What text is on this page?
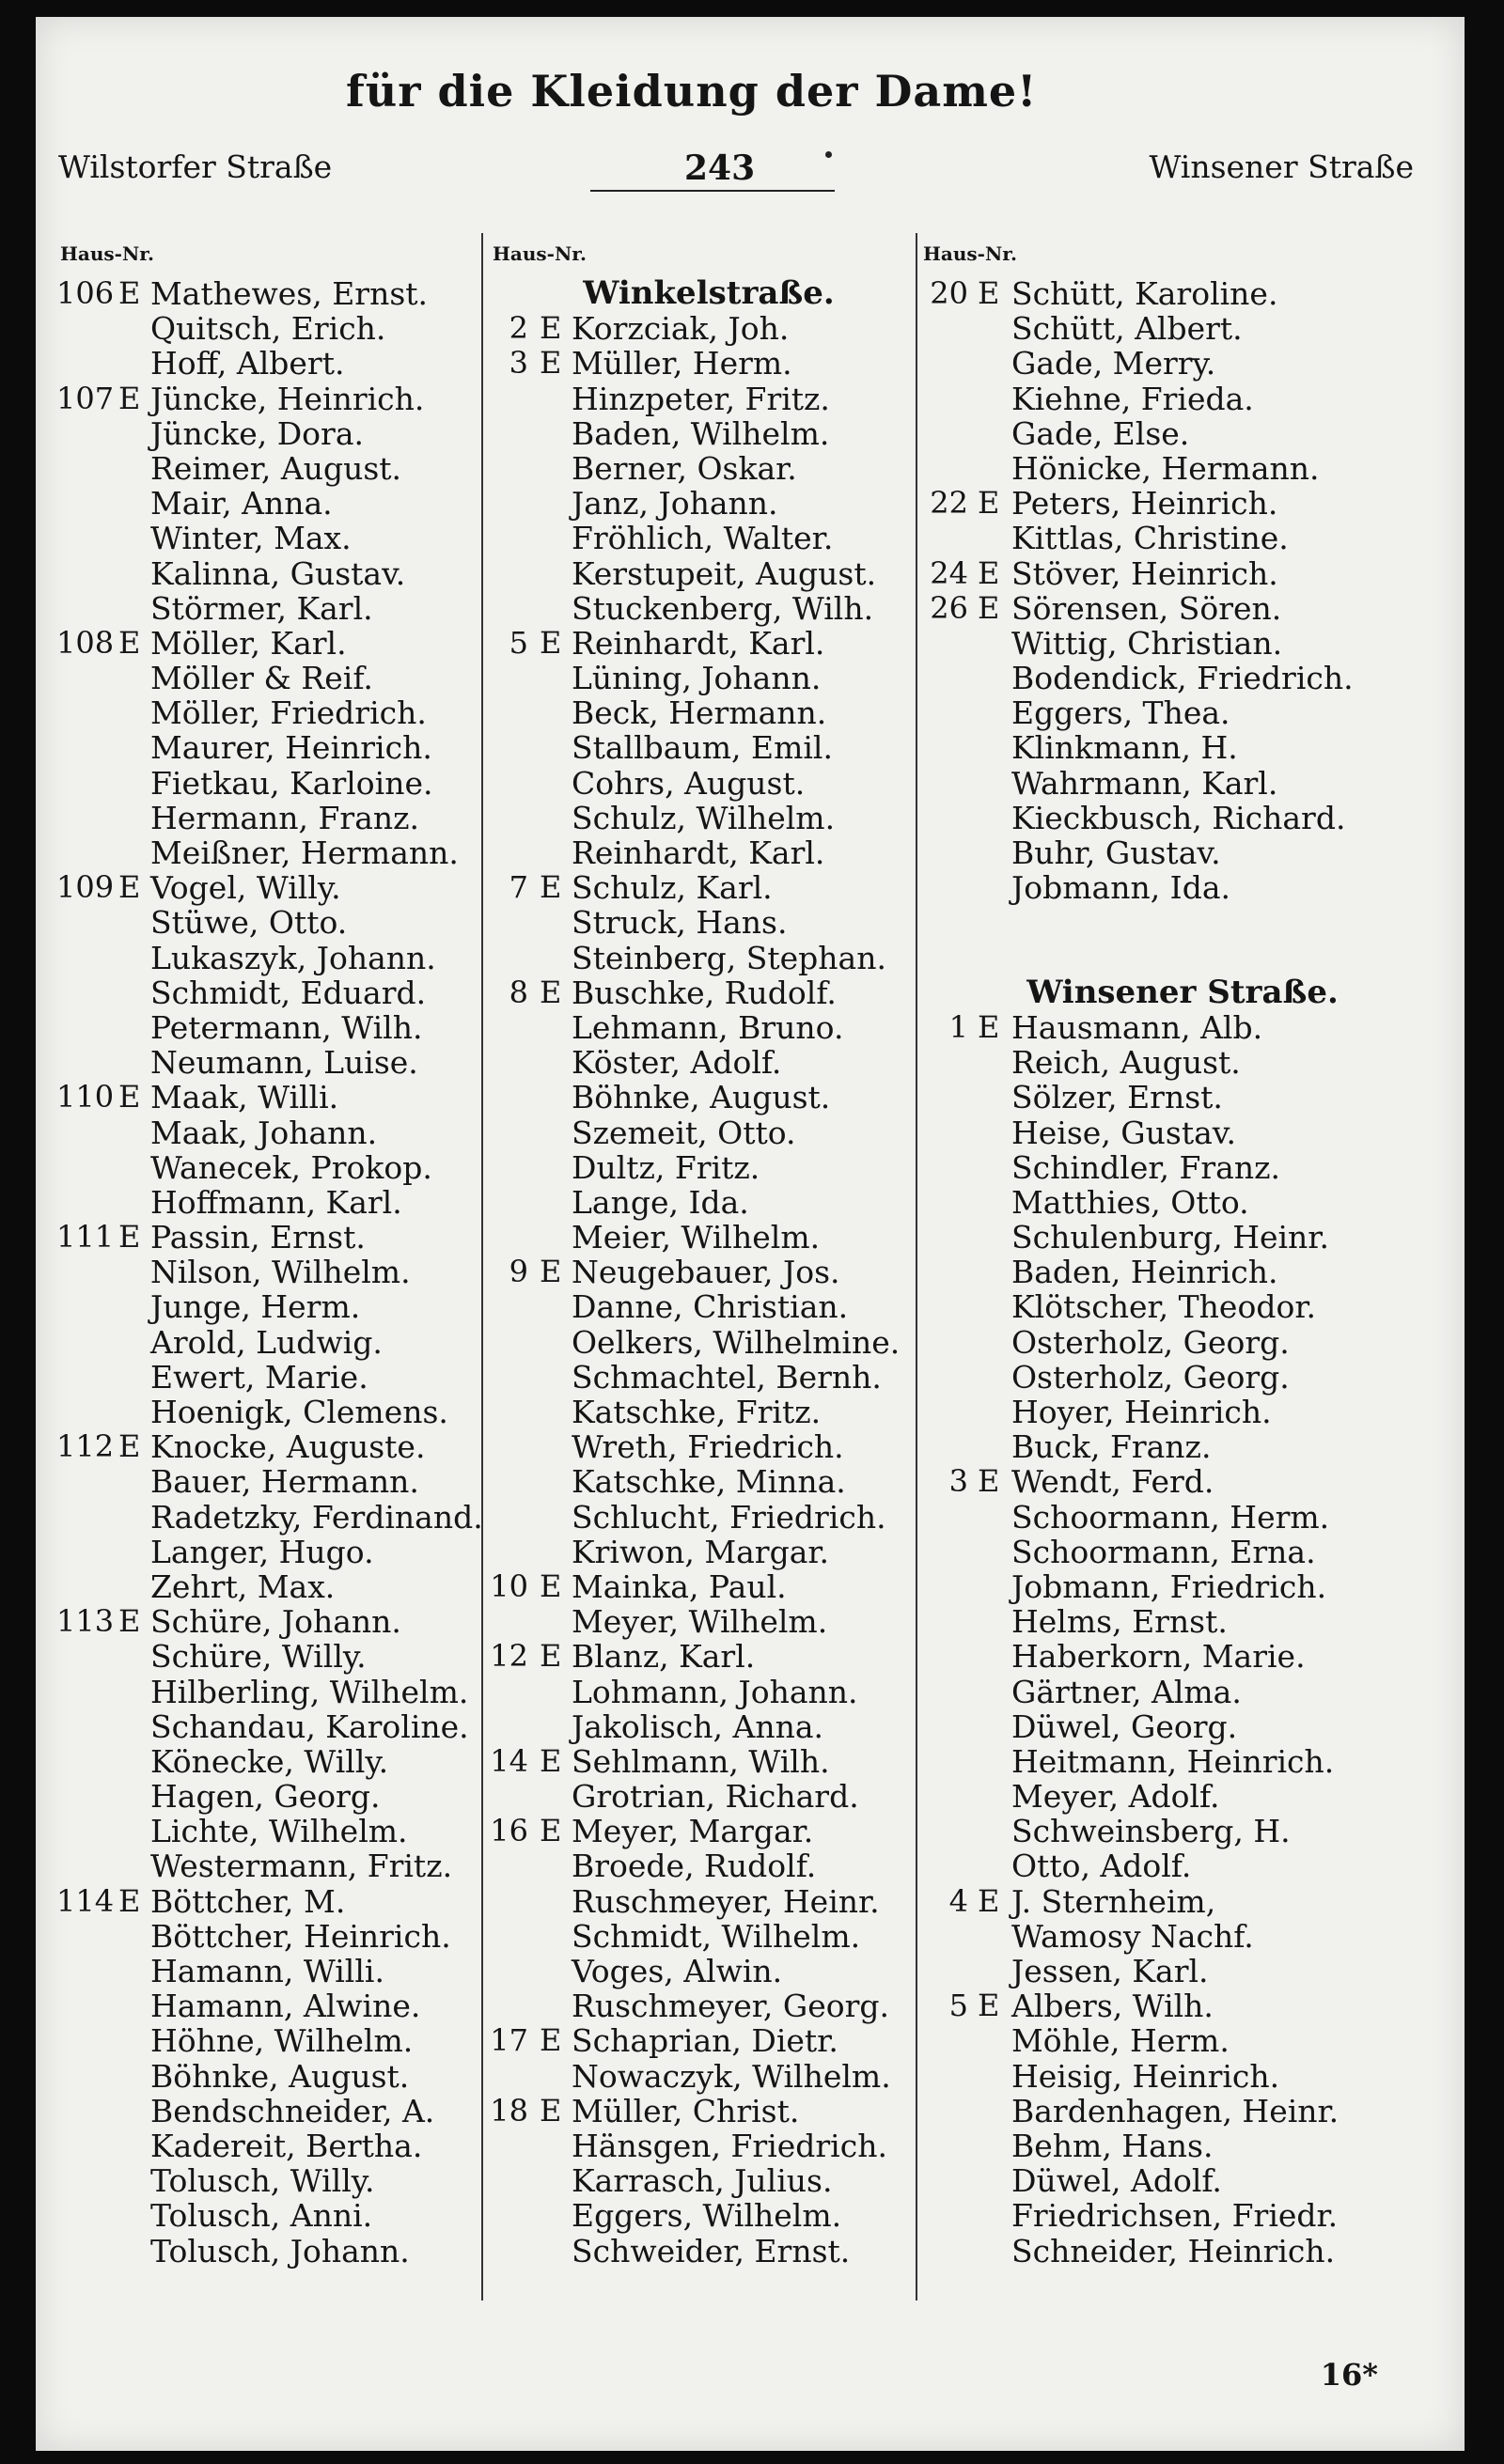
für die Kleidung der Dame!
Wilstorfer Straße	243	Winsener Straße
Haus-Nr.
106 E Mathewes, Ernst.
Quitsch, Erich.
Hoff, Albert.
107 E Jüncke, Heinrich.
Jüncke, Dora.
Reimer, August.
Mair, Anna.
Winter, Max.
Kalinna, Gustav.
Störmer, Karl.
108 E Möller, Karl.
Möller & Reif.
Möller, Friedrich.
Maurer, Heinrich.
Fietkau, Karloine.
Hermann, Franz.
Meißner, Hermann.
109 E Vogel, Willy.
Stüwe, Otto.
Lukaszyk, Johann.
Schmidt, Eduard.
Petermann, Wilh.
Neumann, Luise.
110 E Maak, Willi.
Maak, Johann.
Wanecek, Prokop.
Hoffmann, Karl.
111 E Passin, Ernst.
Nilson, Wilhelm.
Junge, Herm.
Arold, Ludwig.
Ewert, Marie.
Hoenigk, Clemens.
112 E Knocke, Auguste.
Bauer, Hermann.
Radetzky, Ferdinand.
Langer, Hugo.
Zehrt, Max.
113 E Schüre, Johann.
Schüre, Willy.
Hilberling, Wilhelm.
Schandau, Karoline.
Könecke, Willy.
Hagen, Georg.
Lichte, Wilhelm.
Westermann, Fritz.
114 E Böttcher, M.
Böttcher, Heinrich.
Hamann, Willi.
Hamann, Alwine.
Höhne, Wilhelm.
Böhnke, August.
Bendschneider, A.
Kadereit, Bertha.
Tolusch, Willy.
Tolusch, Anni.
Tolusch, Johann.
Haus-Nr.
Winkelstraße.
2 E Korzciak, Joh.
3 E Müller, Herm.
Hinzpeter, Fritz.
Baden, Wilhelm.
Berner, Oskar.
Janz, Johann.
Fröhlich, Walter.
Kerstupeit, August.
Stuckenberg, Wilh.
5 E Reinhardt, Karl.
Lüning, Johann.
Beck, Hermann.
Stallbaum, Emil.
Cohrs, August.
Schulz, Wilhelm.
Reinhardt, Karl.
7 E Schulz, Karl.
Struck, Hans.
Steinberg, Stephan.
8 E Buschke, Rudolf.
Lehmann, Bruno.
Köster, Adolf.
Böhnke, August.
Szemeit, Otto.
Dultz, Fritz.
Lange, Ida.
Meier, Wilhelm.
9 E Neugebauer, Jos.
Danne, Christian.
Oelkers, Wilhelmine.
Schmachtel, Bernh.
Katschke, Fritz.
Wreth, Friedrich.
Katschke, Minna.
Schlucht, Friedrich.
Kriwon, Margar.
10 E Mainka, Paul.
Meyer, Wilhelm.
12 E Blanz, Karl.
Lohmann, Johann.
Jakolisch, Anna.
14 E Sehlmann, Wilh.
Grotrian, Richard.
16 E Meyer, Margar.
Broede, Rudolf.
Ruschmeyer, Heinr.
Schmidt, Wilhelm.
Voges, Alwin.
Ruschmeyer, Georg.
17 E Schaprian, Dietr.
Nowaczyk, Wilhelm.
18 E Müller, Christ.
Hänsgen, Friedrich.
Karrasch, Julius.
Eggers, Wilhelm.
Schweider, Ernst.
Haus-Nr.
20 E Schütt, Karoline.
Schütt, Albert.
Gade, Merry.
Kiehne, Frieda.
Gade, Else.
Hönicke, Hermann.
22 E Peters, Heinrich.
Kittlas, Christine.
24 E Stöver, Heinrich.
26 E Sörensen, Sören.
Wittig, Christian.
Bodendick, Friedrich.
Eggers, Thea.
Klinkmann, H.
Wahrmann, Karl.
Kieckbusch, Richard.
Buhr, Gustav.
Jobmann, Ida.
Winsener Straße.
1 E Hausmann, Alb.
Reich, August.
Sölzer, Ernst.
Heise, Gustav.
Schindler, Franz.
Matthies, Otto.
Schulenburg, Heinr.
Baden, Heinrich.
Klötscher, Theodor.
Osterholz, Georg.
Osterholz, Georg.
Hoyer, Heinrich.
Buck, Franz.
3 E Wendt, Ferd.
Schoormann, Herm.
Schoormann, Erna.
Jobmann, Friedrich.
Helms, Ernst.
Haberkorn, Marie.
Gärtner, Alma.
Düwel, Georg.
Heitmann, Heinrich.
Meyer, Adolf.
Schweinsberg, H.
Otto, Adolf.
4 E J. Sternheim,
Wamosy Nachf.
Jessen, Karl.
5 E Albers, Wilh.
Möhle, Herm.
Heisig, Heinrich.
Bardenhagen, Heinr.
Behm, Hans.
Düwel, Adolf.
Friedrichsen, Friedr.
Schneider, Heinrich.
16*
